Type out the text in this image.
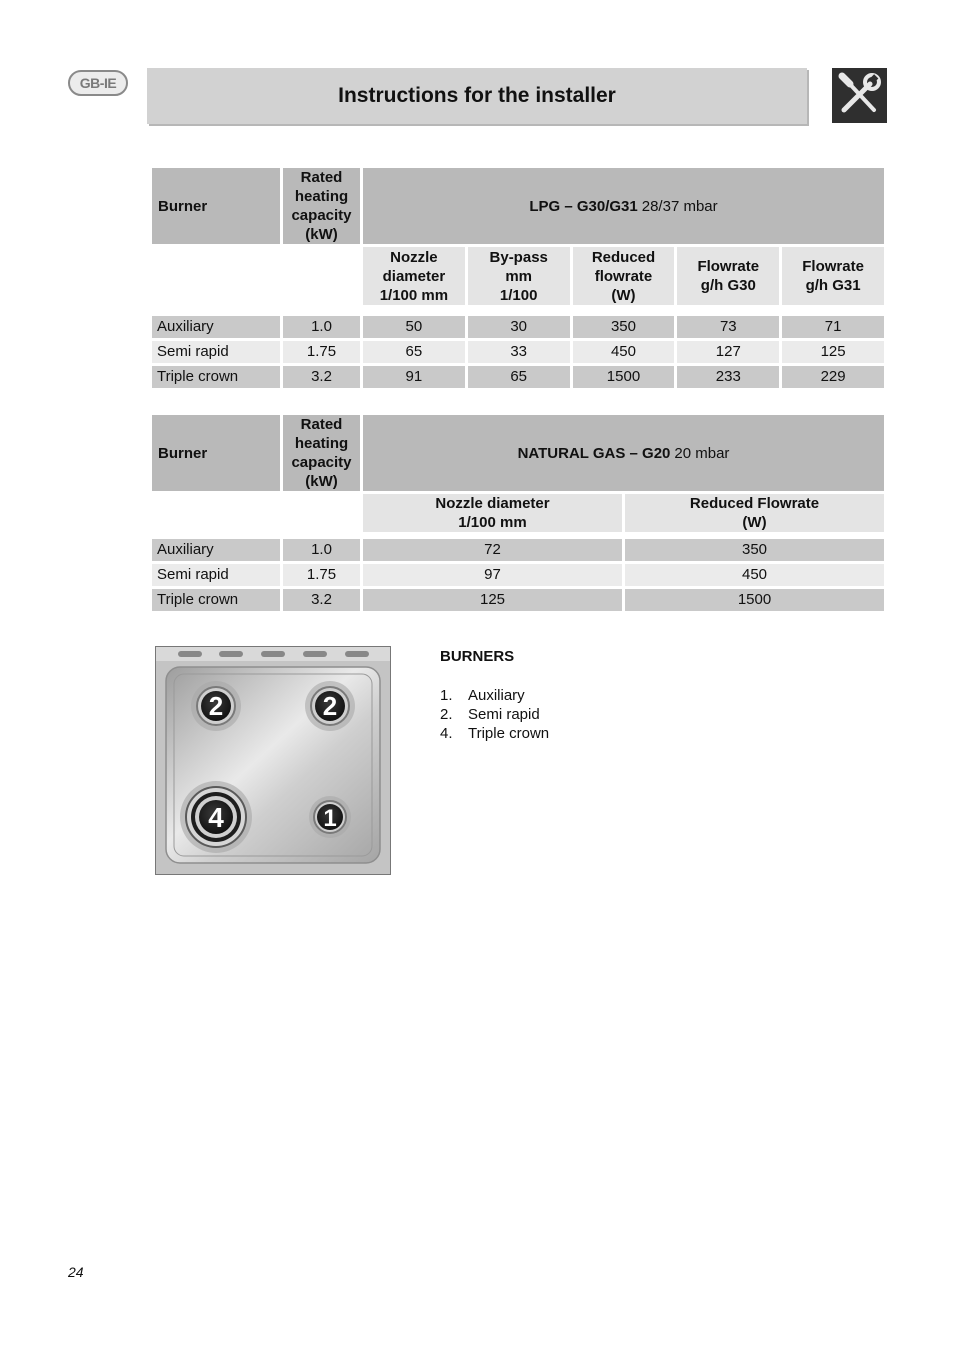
GB-IE
Instructions for the installer
Burner	Rated
heating
capacity
(kW)	LPG – G30/G31 28/37 mbar				
		Nozzle
diameter
1/100 mm	By-pass
mm
1/100	Reduced
flowrate
(W)	Flowrate
g/h G30	Flowrate
g/h G31

Auxiliary	1.0	50	30	350	73	71
Semi rapid	1.75	65	33	450	127	125
Triple crown	3.2	91	65	1500	233	229
Burner	Rated
heating
capacity
(kW)	NATURAL GAS – G20 20 mbar	
		Nozzle diameter
1/100 mm	Reduced Flowrate
(W)

Auxiliary	1.0	72	350
Semi rapid	1.75	97	450
Triple crown	3.2	125	1500
2	2
4	1
BURNERS
1.	Auxiliary
2.	Semi rapid
4.	Triple crown
24
